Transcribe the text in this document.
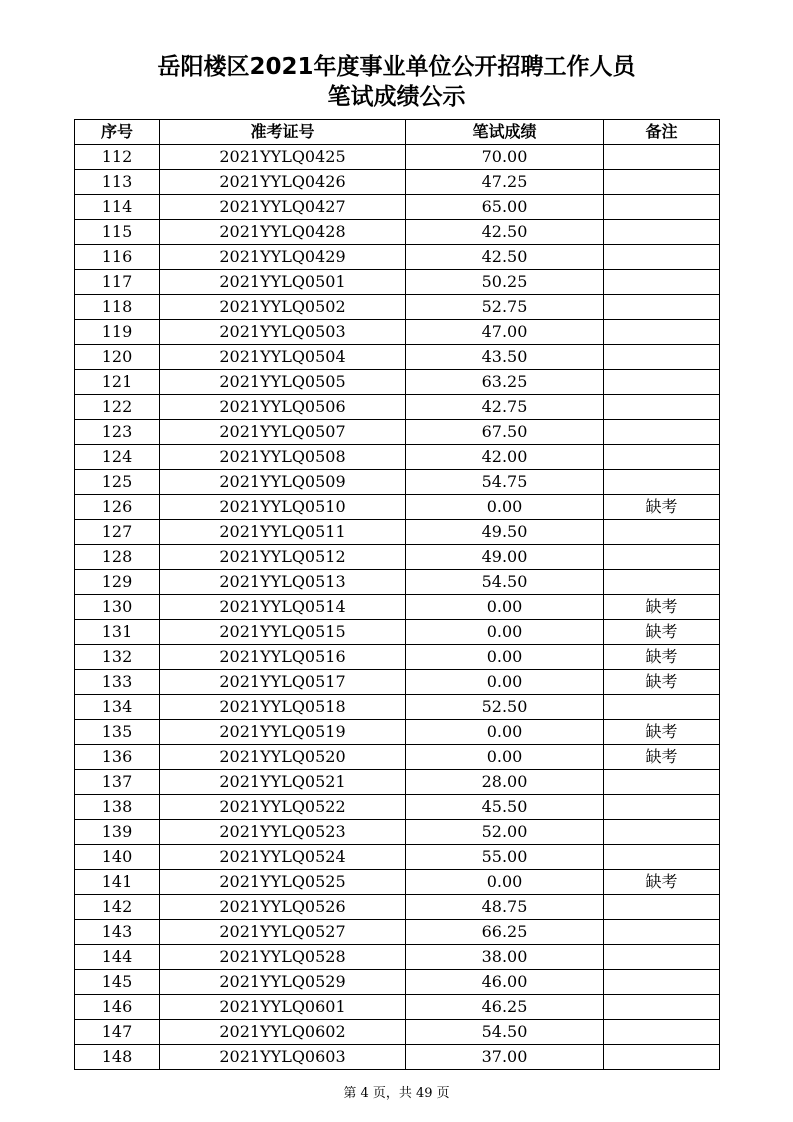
岳阳楼区2021年度事业单位公开招聘工作人员
笔试成绩公示
序号	准考证号	笔试成绩	备注
112	2021YYLQ0425	70.00	
113	2021YYLQ0426	47.25	
114	2021YYLQ0427	65.00	
115	2021YYLQ0428	42.50	
116	2021YYLQ0429	42.50	
117	2021YYLQ0501	50.25	
118	2021YYLQ0502	52.75	
119	2021YYLQ0503	47.00	
120	2021YYLQ0504	43.50	
121	2021YYLQ0505	63.25	
122	2021YYLQ0506	42.75	
123	2021YYLQ0507	67.50	
124	2021YYLQ0508	42.00	
125	2021YYLQ0509	54.75	
126	2021YYLQ0510	0.00	缺考
127	2021YYLQ0511	49.50	
128	2021YYLQ0512	49.00	
129	2021YYLQ0513	54.50	
130	2021YYLQ0514	0.00	缺考
131	2021YYLQ0515	0.00	缺考
132	2021YYLQ0516	0.00	缺考
133	2021YYLQ0517	0.00	缺考
134	2021YYLQ0518	52.50	
135	2021YYLQ0519	0.00	缺考
136	2021YYLQ0520	0.00	缺考
137	2021YYLQ0521	28.00	
138	2021YYLQ0522	45.50	
139	2021YYLQ0523	52.00	
140	2021YYLQ0524	55.00	
141	2021YYLQ0525	0.00	缺考
142	2021YYLQ0526	48.75	
143	2021YYLQ0527	66.25	
144	2021YYLQ0528	38.00	
145	2021YYLQ0529	46.00	
146	2021YYLQ0601	46.25	
147	2021YYLQ0602	54.50	
148	2021YYLQ0603	37.00	
第 4 页，共 49 页
